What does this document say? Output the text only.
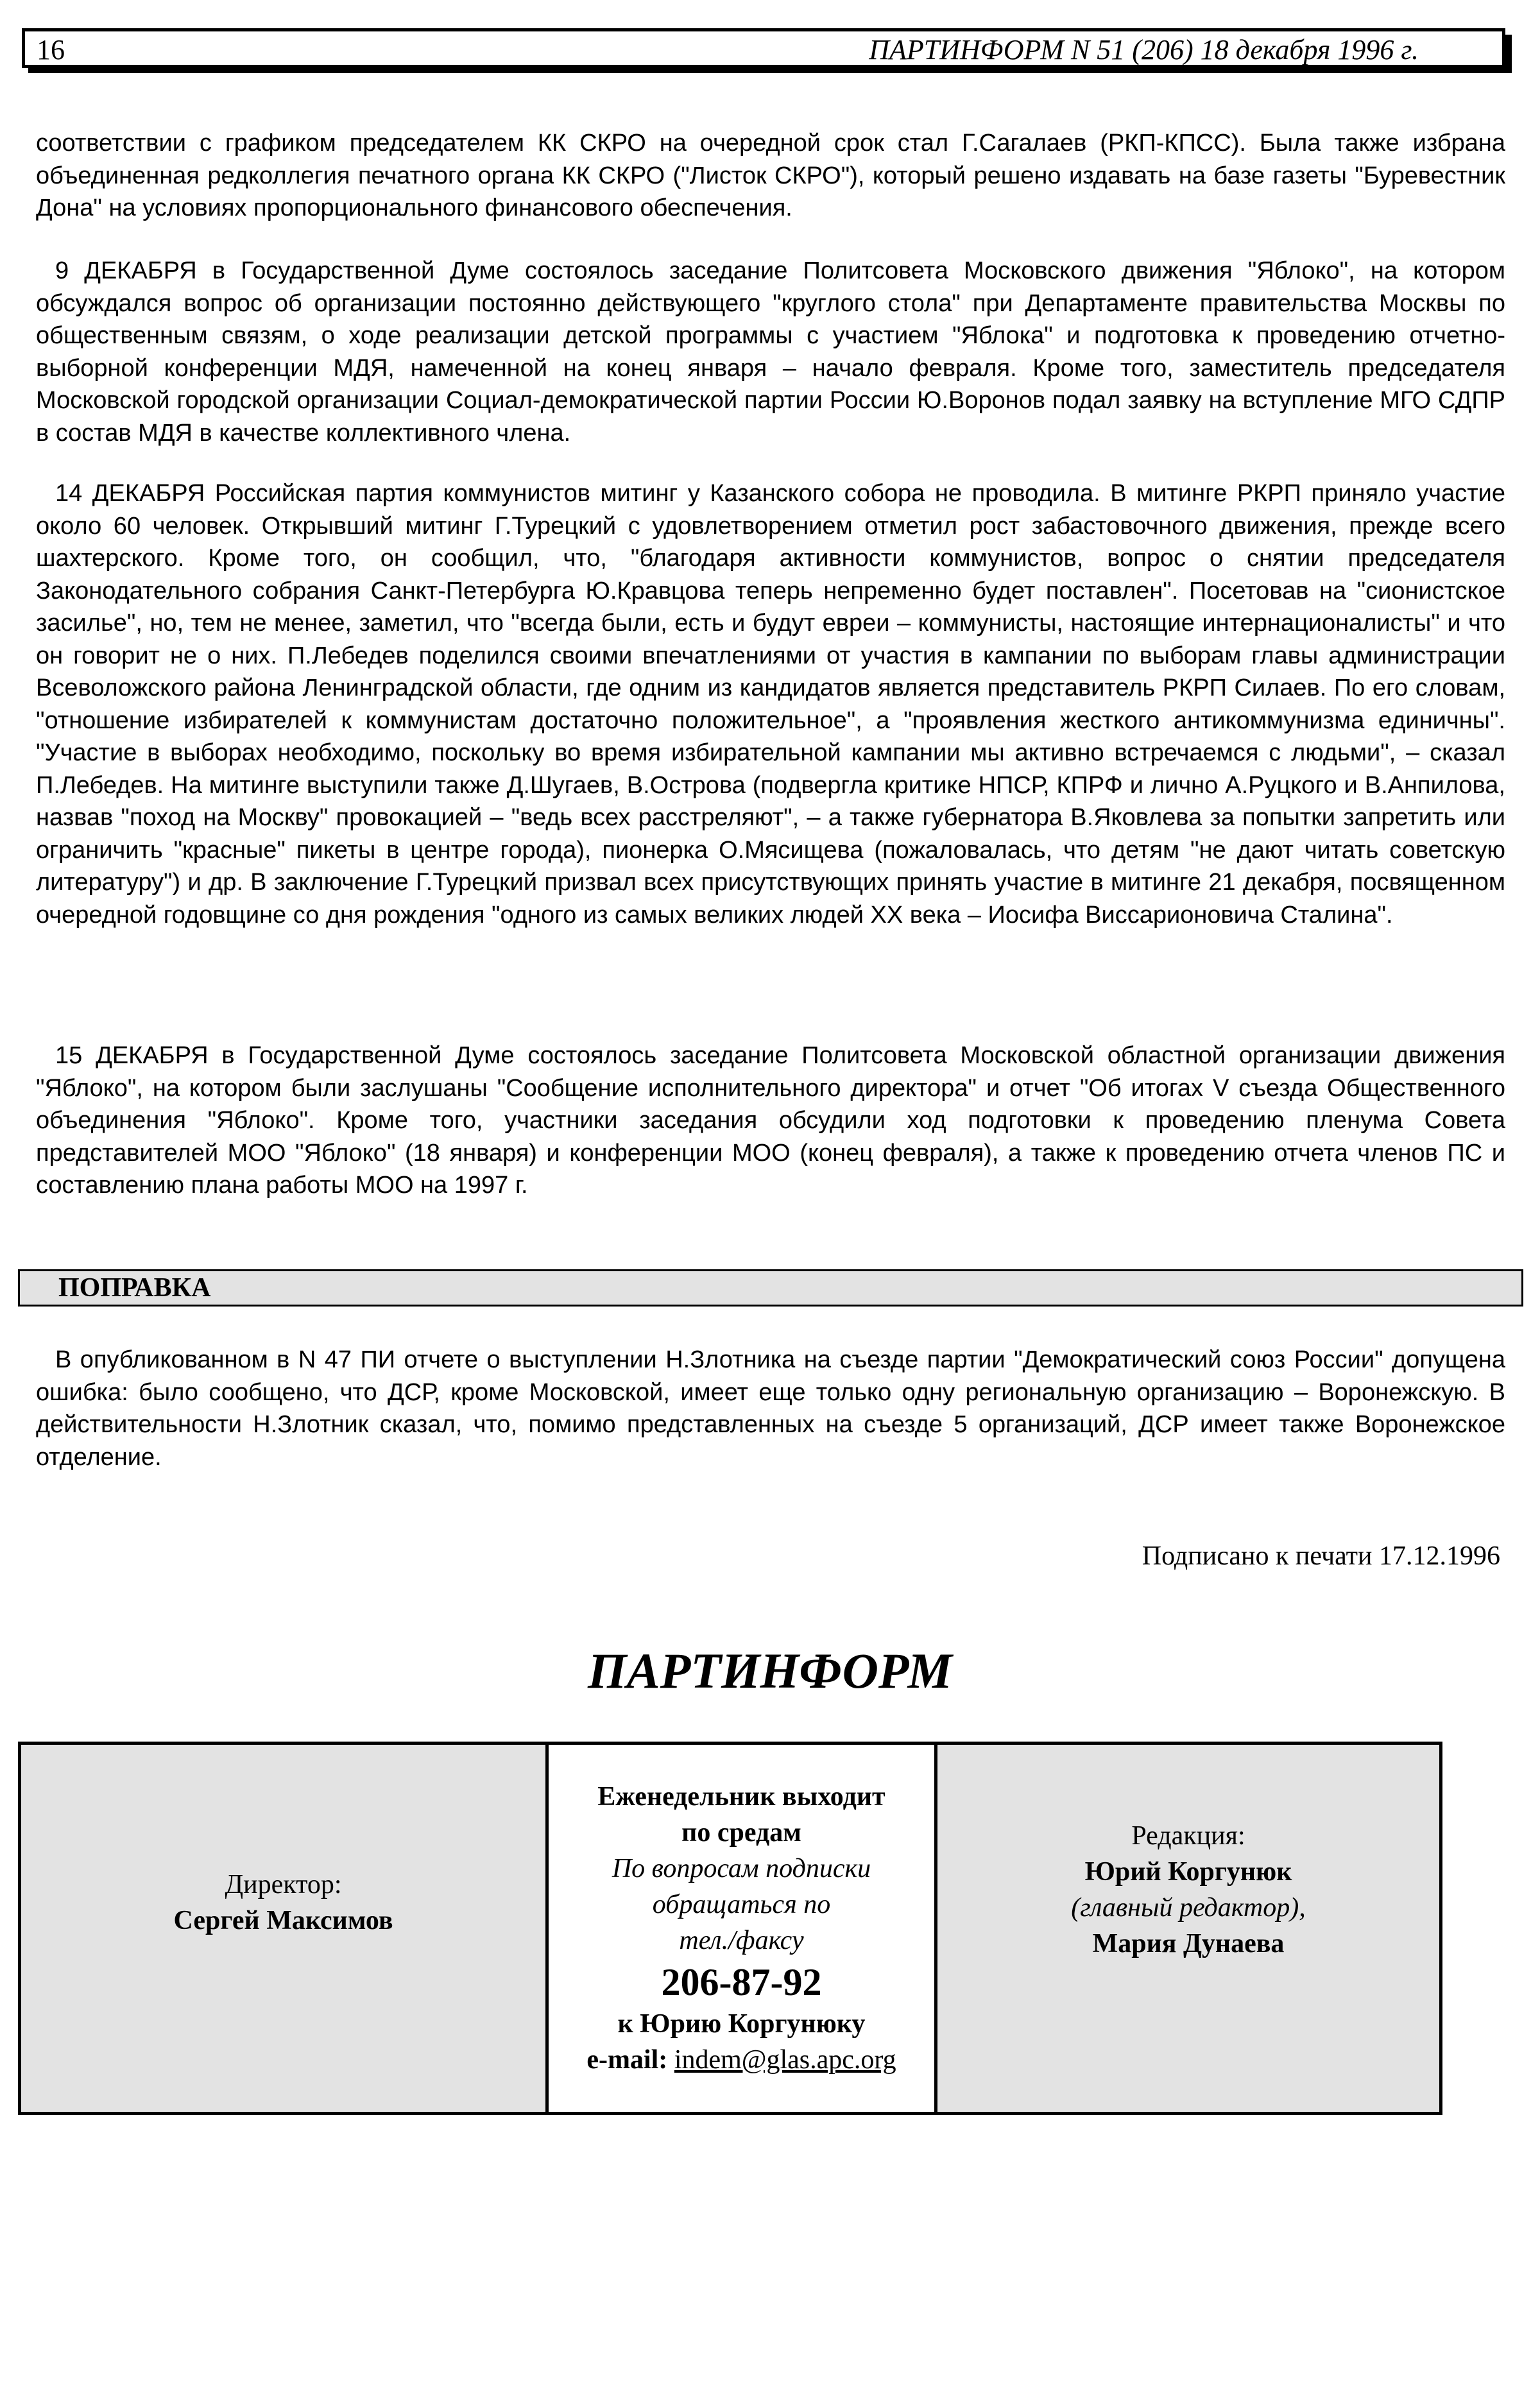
16	ПАРТИНФОРМ N 51 (206) 18 декабря 1996 г.

соответствии с графиком председателем КК СКРО на очередной срок стал Г.Сагалаев (РКП-КПСС). Была также избрана объединенная редколлегия печатного органа КК СКРО ("Листок СКРО"), который решено издавать на базе газеты "Буревестник Дона" на условиях пропорционального финансового обеспечения.

9 ДЕКАБРЯ в Государственной Думе состоялось заседание Политсовета Московского движения "Яблоко", на котором обсуждался вопрос об организации постоянно действующего "круглого стола" при Департаменте правительства Москвы по общественным связям, о ходе реализации детской программы с участием "Яблока" и подготовка к проведению отчетно-выборной конференции МДЯ, намеченной на конец января – начало февраля. Кроме того, заместитель председателя Московской городской организации Социал-демократической партии России Ю.Воронов подал заявку на вступление МГО СДПР в состав МДЯ в качестве коллективного члена.

14 ДЕКАБРЯ Российская партия коммунистов митинг у Казанского собора не проводила. В митинге РКРП приняло участие около 60 человек. Открывший митинг Г.Турецкий с удовлетворением отметил рост забастовочного движения, прежде всего шахтерского. Кроме того, он сообщил, что, "благодаря активности коммунистов, вопрос о снятии председателя Законодательного собрания Санкт-Петербурга Ю.Кравцова теперь непременно будет поставлен". Посетовав на "сионистское засилье", но, тем не менее, заметил, что "всегда были, есть и будут евреи – коммунисты, настоящие интернационалисты" и что он говорит не о них. П.Лебедев поделился своими впечатлениями от участия в кампании по выборам главы администрации Всеволожского района Ленинградской области, где одним из кандидатов является представитель РКРП Силаев. По его словам, "отношение избирателей к коммунистам достаточно положительное", а "проявления жесткого антикоммунизма единичны". "Участие в выборах необходимо, поскольку во время избирательной кампании мы активно встречаемся с людьми", – сказал П.Лебедев. На митинге выступили также Д.Шугаев, В.Острова (подвергла критике НПСР, КПРФ и лично А.Руцкого и В.Анпилова, назвав "поход на Москву" провокацией – "ведь всех расстреляют", – а также губернатора В.Яковлева за попытки запретить или ограничить "красные" пикеты в центре города), пионерка О.Мясищева (пожаловалась, что детям "не дают читать советскую литературу") и др. В заключение Г.Турецкий призвал всех присутствующих принять участие в митинге 21 декабря, посвященном очередной годовщине со дня рождения "одного из самых великих людей XX века – Иосифа Виссарионовича Сталина".

15 ДЕКАБРЯ в Государственной Думе состоялось заседание Политсовета Московской областной организации движения "Яблоко", на котором были заслушаны "Сообщение исполнительного директора" и отчет "Об итогах V съезда Общественного объединения "Яблоко". Кроме того, участники заседания обсудили ход подготовки к проведению пленума Совета представителей МОО "Яблоко" (18 января) и конференции МОО (конец февраля), а также к проведению отчета членов ПС и составлению плана работы МОО на 1997 г.

ПОПРАВКА

В опубликованном в N 47 ПИ отчете о выступлении Н.Злотника на съезде партии "Демократический союз России" допущена ошибка: было сообщено, что ДСР, кроме Московской, имеет еще только одну региональную организацию – Воронежскую. В действительности Н.Злотник сказал, что, помимо представленных на съезде 5 организаций, ДСР имеет также Воронежское отделение.

Подписано к печати 17.12.1996
ПАРТИНФОРМ
Директор:
Сергей Максимов
Еженедельник выходит
по средам
По вопросам подписки
обращаться по
тел./факсу
206-87-92
к Юрию Коргунюку
e-mail: indem@glas.apc.org
Редакция:
Юрий Коргунюк
(главный редактор),
Мария Дунаева
